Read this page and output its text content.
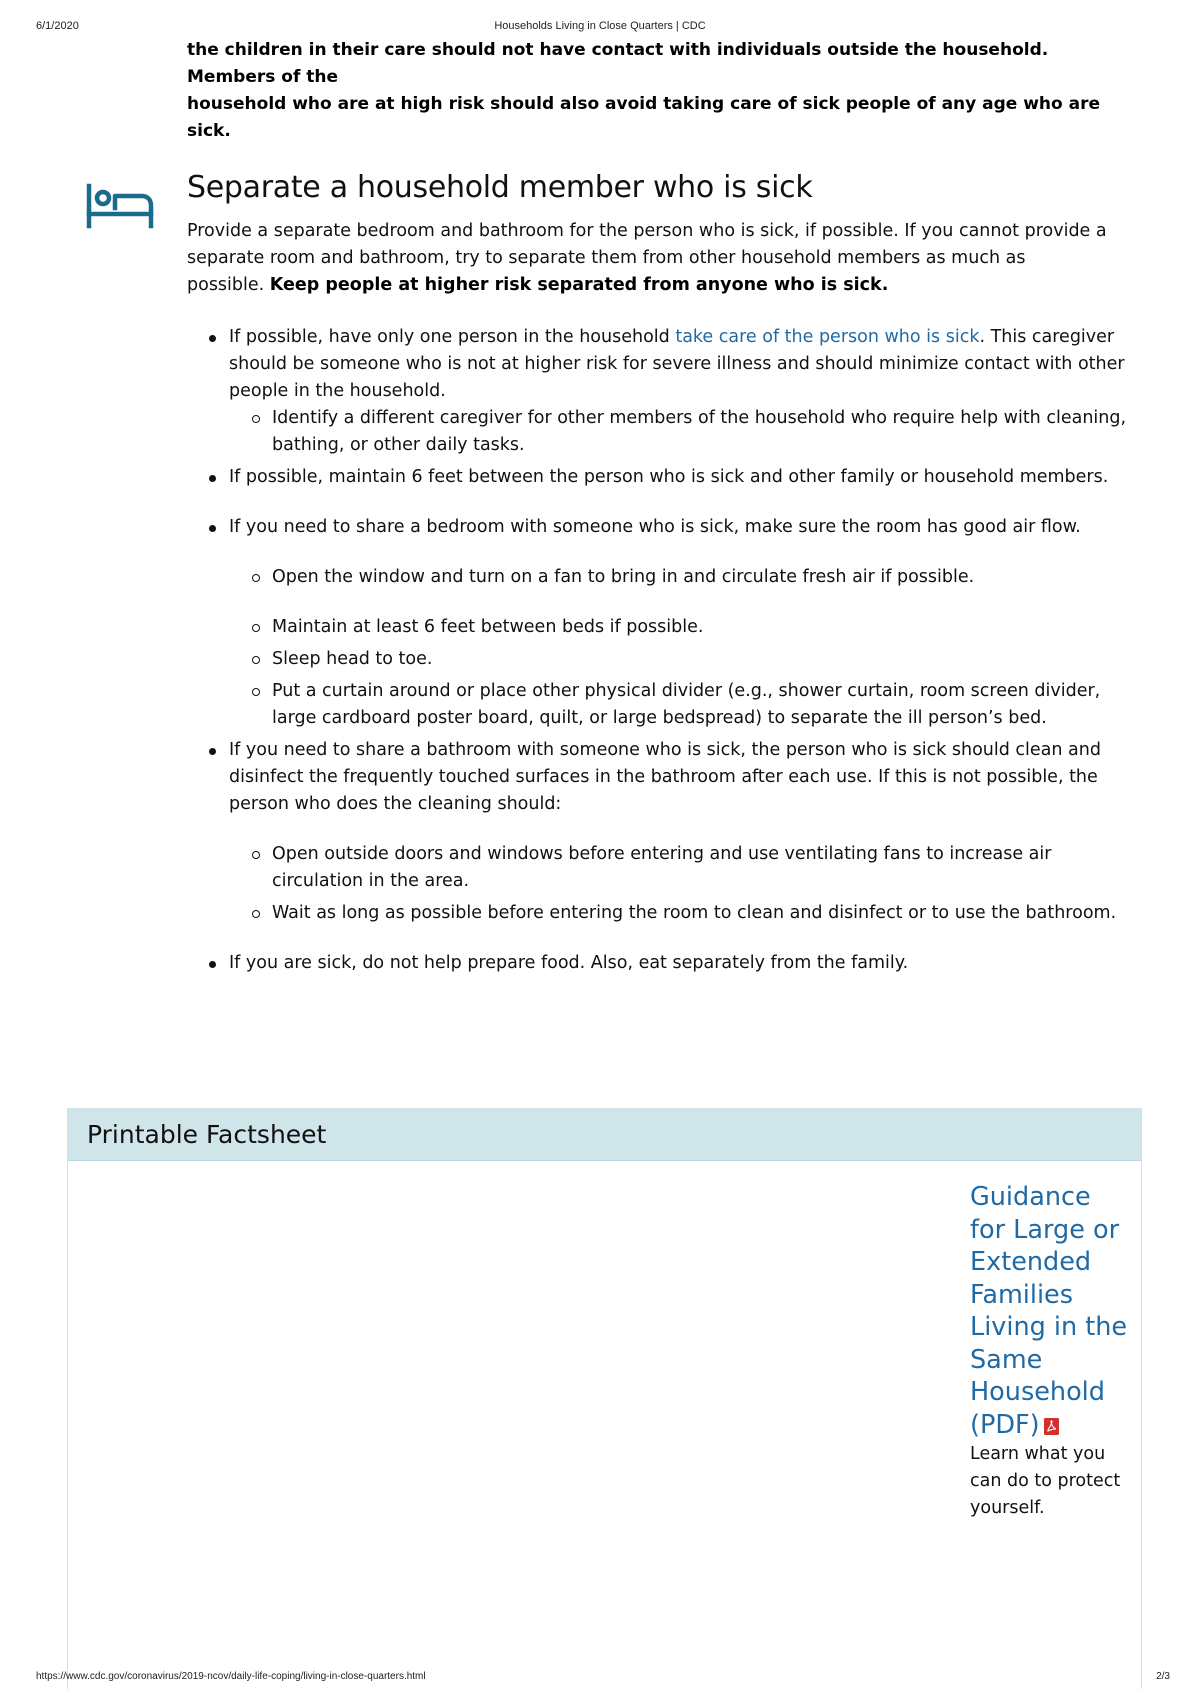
6/1/2020	Households Living in Close Quarters | CDC

the children in their care should not have contact with individuals outside the household. Members of the

household who are at high risk should also avoid taking care of sick people of any age who are sick.

Separate a household member who is sick

Provide a separate bedroom and bathroom for the person who is sick, if possible. If you cannot provide a separate room and bathroom, try to separate them from other household members as much as possible. Keep people at higher risk separated from anyone who is sick.

If possible, have only one person in the household take care of the person who is sick. This caregiver should be someone who is not at higher risk for severe illness and should minimize contact with other people in the household.
Identify a different caregiver for other members of the household who require help with cleaning, bathing, or other daily tasks.
If possible, maintain 6 feet between the person who is sick and other family or household members.
If you need to share a bedroom with someone who is sick, make sure the room has good air flow.
Open the window and turn on a fan to bring in and circulate fresh air if possible.
Maintain at least 6 feet between beds if possible.
Sleep head to toe.
Put a curtain around or place other physical divider (e.g., shower curtain, room screen divider, large cardboard poster board, quilt, or large bedspread) to separate the ill person’s bed.
If you need to share a bathroom with someone who is sick, the person who is sick should clean and disinfect the frequently touched surfaces in the bathroom after each use. If this is not possible, the person who does the cleaning should:
Open outside doors and windows before entering and use ventilating fans to increase air circulation in the area.
Wait as long as possible before entering the room to clean and disinfect or to use the bathroom.
If you are sick, do not help prepare food. Also, eat separately from the family.
Printable Factsheet
Guidance for Large or Extended Families Living in the Same Household (PDF)

Learn what you can do to protect yourself.

https://www.cdc.gov/coronavirus/2019-ncov/daily-life-coping/living-in-close-quarters.html	2/3
